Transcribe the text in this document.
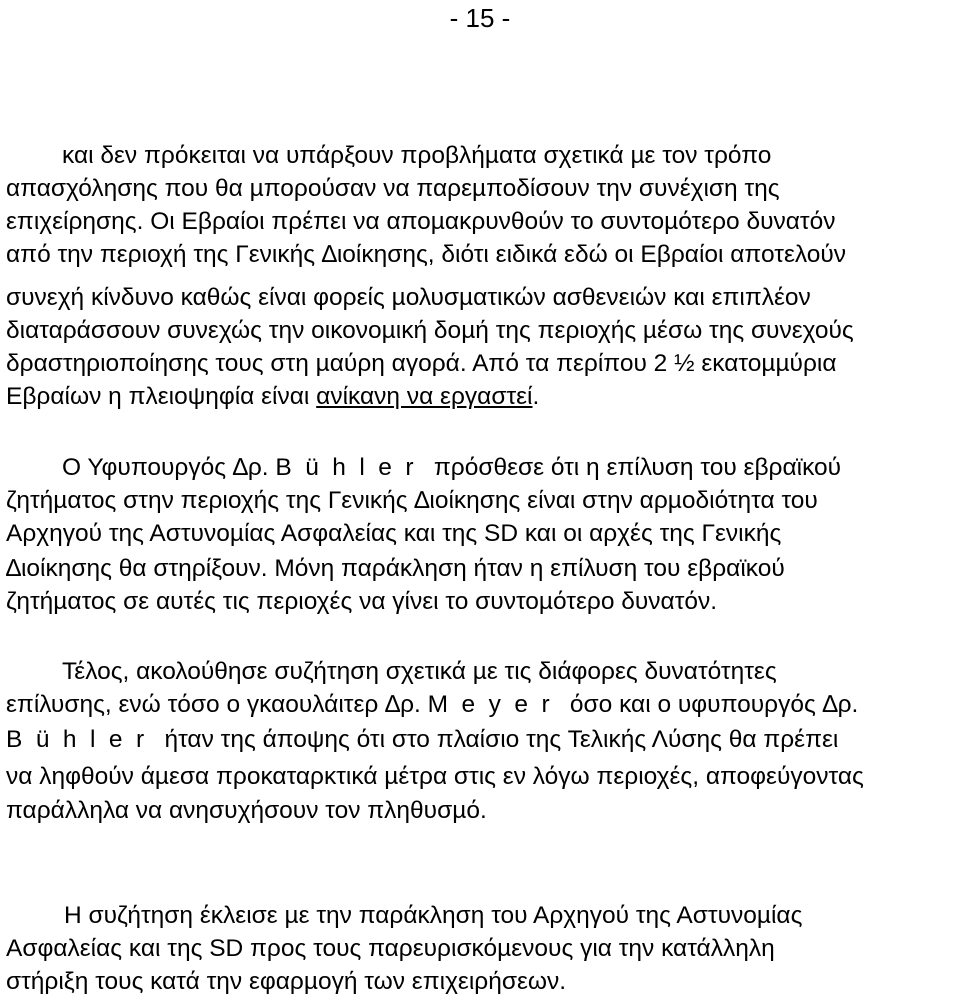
- 15 -
και δεν πρόκειται να υπάρξουν προβλήµατα σχετικά µε τον τρόπο
απασχόλησης που θα µπορούσαν να παρεµποδίσουν την συνέχιση της
επιχείρησης. Οι Εβραίοι πρέπει να αποµακρυνθούν το συντοµότερο δυνατόν
από την περιοχή της Γενικής ∆ιοίκησης, διότι ειδικά εδώ οι Εβραίοι αποτελούν
συνεχή κίνδυνο καθώς είναι φορείς µολυσµατικών ασθενειών και επιπλέον
διαταράσσουν συνεχώς την οικονοµική δοµή της περιοχής µέσω της συνεχούς
δραστηριοποίησης τους στη µαύρη αγορά. Από τα περίπου 2 ½ εκατοµµύρια
Εβραίων η πλειοψηφία είναι ανίκανη να εργαστεί.
Ο Υφυπουργός ∆ρ. Bühler πρόσθεσε ότι η επίλυση του εβραϊκού
ζητήµατος στην περιοχής της Γενικής ∆ιοίκησης είναι στην αρµοδιότητα του
Αρχηγού της Αστυνοµίας Ασφαλείας και της SD και οι αρχές της Γενικής
∆ιοίκησης θα στηρίξουν. Μόνη παράκληση ήταν η επίλυση του εβραϊκού
ζητήµατος σε αυτές τις περιοχές να γίνει το συντοµότερο δυνατόν.
Τέλος, ακολούθησε συζήτηση σχετικά µε τις διάφορες δυνατότητες
επίλυσης, ενώ τόσο ο γκαουλάιτερ ∆ρ. Meyer όσο και ο υφυπουργός ∆ρ.
Bühler ήταν της άποψης ότι στο πλαίσιο της Τελικής Λύσης θα πρέπει
να ληφθούν άµεσα προκαταρκτικά µέτρα στις εν λόγω περιοχές, αποφεύγοντας
παράλληλα να ανησυχήσουν τον πληθυσµό.
Η συζήτηση έκλεισε µε την παράκληση του Αρχηγού της Αστυνοµίας
Ασφαλείας και της SD προς τους παρευρισκόµενους για την κατάλληλη
στήριξη τους κατά την εφαρµογή των επιχειρήσεων.
